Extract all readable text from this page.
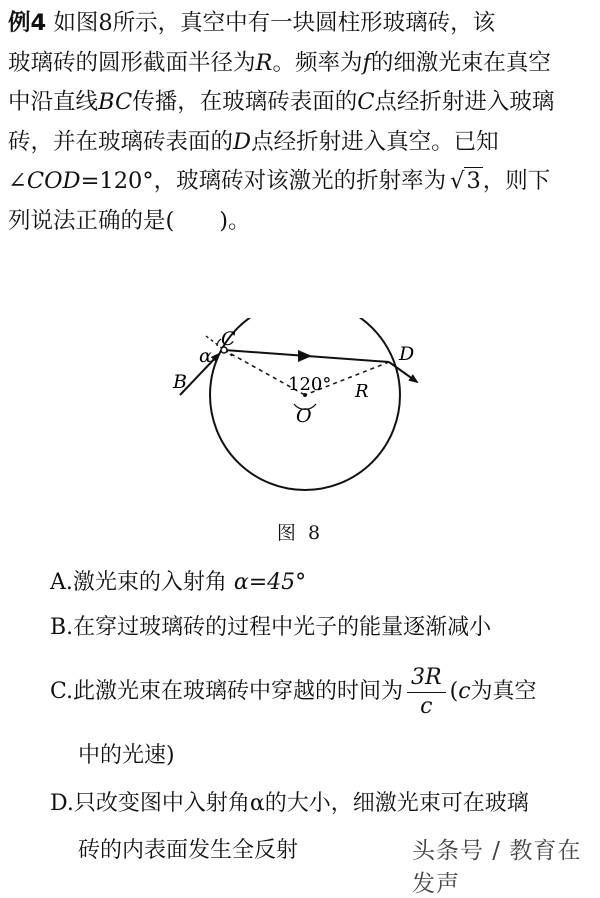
例4 如图8所示，真空中有一块圆柱形玻璃砖，该

玻璃砖的圆形截面半径为R。频率为f的细激光束在真空

中沿直线BC传播，在玻璃砖表面的C点经折射进入玻璃

砖，并在玻璃砖表面的D点经折射进入真空。已知

∠COD=120°，玻璃砖对该激光的折射率为 √3，则下

列说法正确的是(　　)。

C
D
B
α
O
R
120°
图 8
A.激光束的入射角 α=45°
B.在穿过玻璃砖的过程中光子的能量逐渐减小
C.此激光束在玻璃砖中穿越的时间为 $\frac{3R}{c} (c$为真空
中的光速)
D.只改变图中入射角α的大小，细激光束可在玻璃
砖的内表面发生全反射	头条号 / 教育在发声
